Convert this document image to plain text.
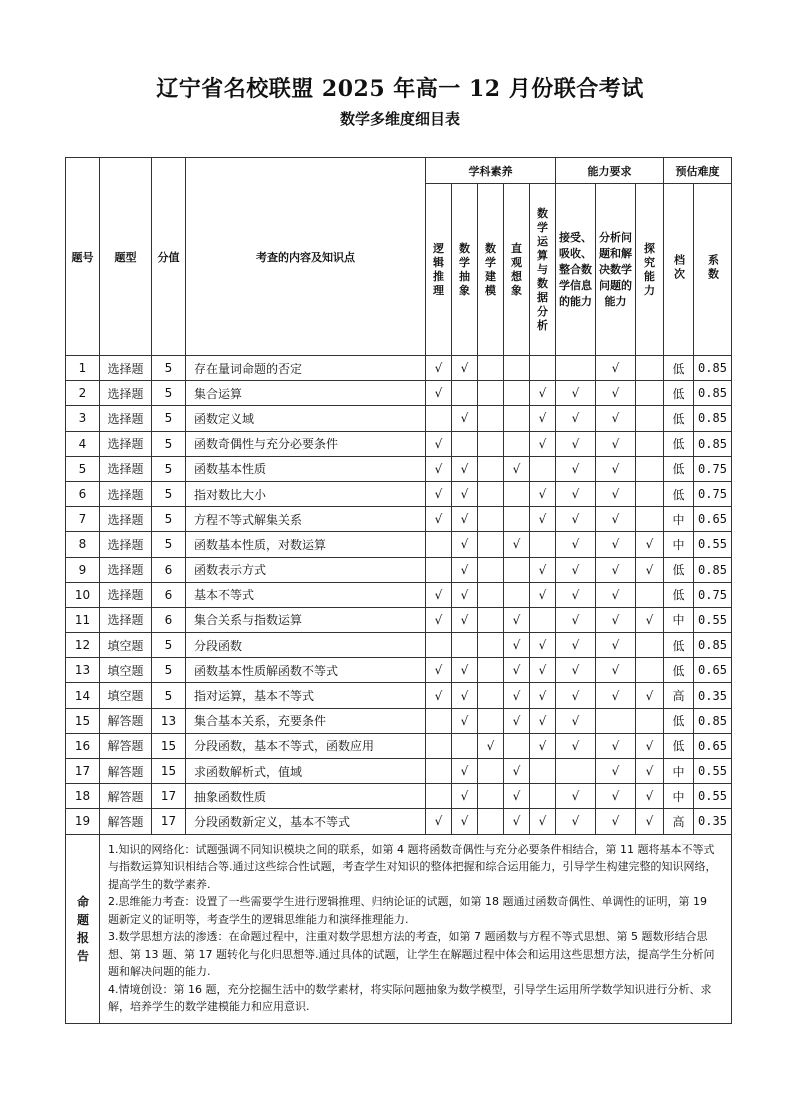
辽宁省名校联盟 2025 年高一 12 月份联合考试
数学多维度细目表
题号	题型	分值	考查的内容及知识点	学科素养					能力要求			预估难度	
				逻辑推理	数学抽象	数学建模	直观想象	数学运算与数据分析	接受、吸收、整合数学信息的能力	分析问题和解决数学问题的能力	探究能力	档次	系数
1	选择题	5	存在量词命题的否定	√	√					√		低	0.85
2	选择题	5	集合运算	√				√	√	√		低	0.85
3	选择题	5	函数定义域		√			√	√	√		低	0.85
4	选择题	5	函数奇偶性与充分必要条件	√				√	√	√		低	0.85
5	选择题	5	函数基本性质	√	√		√		√	√		低	0.75
6	选择题	5	指对数比大小	√	√			√	√	√		低	0.75
7	选择题	5	方程不等式解集关系	√	√			√	√	√		中	0.65
8	选择题	5	函数基本性质，对数运算		√		√		√	√	√	中	0.55
9	选择题	6	函数表示方式		√			√	√	√	√	低	0.85
10	选择题	6	基本不等式	√	√			√	√	√		低	0.75
11	选择题	6	集合关系与指数运算	√	√		√		√	√	√	中	0.55
12	填空题	5	分段函数				√	√	√	√		低	0.85
13	填空题	5	函数基本性质解函数不等式	√	√		√	√	√	√		低	0.65
14	填空题	5	指对运算，基本不等式	√	√		√	√	√	√	√	高	0.35
15	解答题	13	集合基本关系，充要条件		√		√	√	√			低	0.85
16	解答题	15	分段函数，基本不等式，函数应用			√		√	√	√	√	低	0.65
17	解答题	15	求函数解析式，值域		√		√			√	√	中	0.55
18	解答题	17	抽象函数性质		√		√		√	√	√	中	0.55
19	解答题	17	分段函数新定义，基本不等式	√	√		√	√	√	√	√	高	0.35
命题报告	1.知识的网络化：试题强调不同知识模块之间的联系，如第 4 题将函数奇偶性与充分必要条件相结合，第 11 题将基本不等式与指数运算知识相结合等.通过这些综合性试题，考查学生对知识的整体把握和综合运用能力，引导学生构建完整的知识网络，提高学生的数学素养.

2.思维能力考查：设置了一些需要学生进行逻辑推理、归纳论证的试题，如第 18 题通过函数奇偶性、单调性的证明，第 19 题新定义的证明等，考查学生的逻辑思维能力和演绎推理能力.

3.数学思想方法的渗透：在命题过程中，注重对数学思想方法的考查，如第 7 题函数与方程不等式思想、第 5 题数形结合思想、第 13 题、第 17 题转化与化归思想等.通过具体的试题，让学生在解题过程中体会和运用这些思想方法，提高学生分析问题和解决问题的能力.

4.情境创设：第 16 题，充分挖掘生活中的数学素材，将实际问题抽象为数学模型，引导学生运用所学数学知识进行分析、求解，培养学生的数学建模能力和应用意识.												
